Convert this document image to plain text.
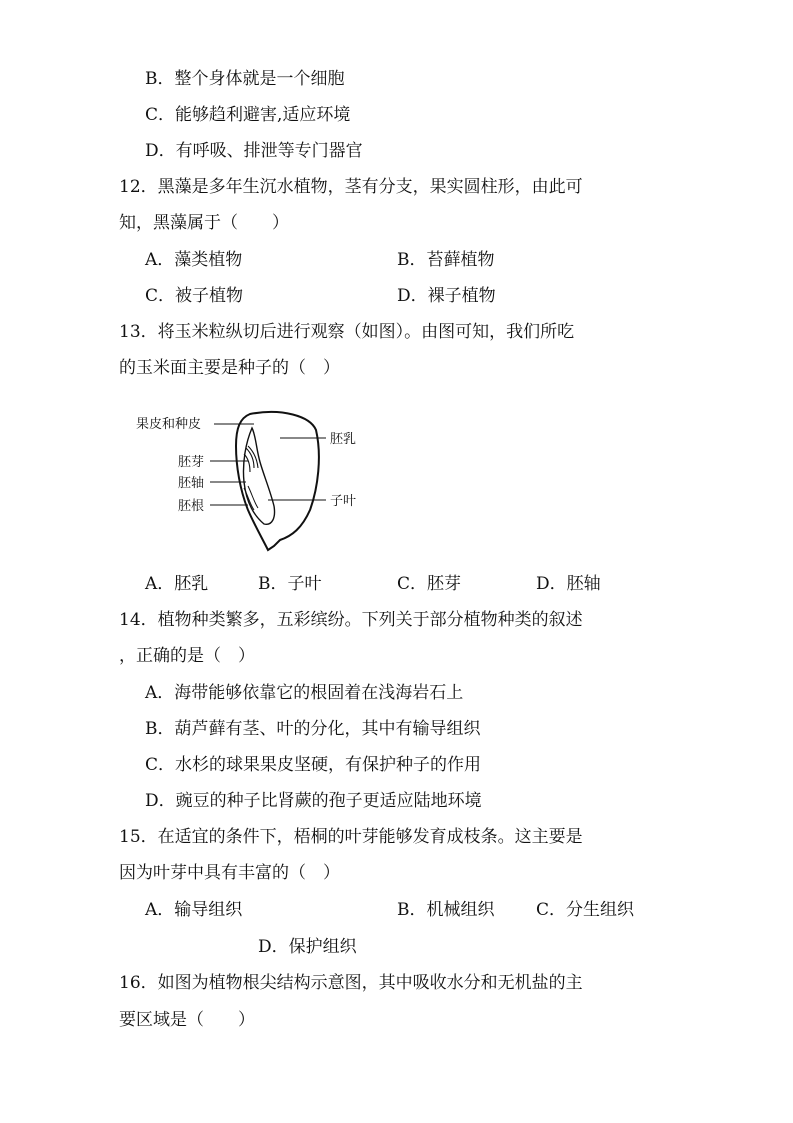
B．整个身体就是一个细胞
C．能够趋利避害,适应环境
D．有呼吸、排泄等专门器官
12．黑藻是多年生沉水植物，茎有分支，果实圆柱形，由此可
知，黑藻属于（　　）
A．藻类植物	B．苔藓植物
C．被子植物	D．裸子植物
13．将玉米粒纵切后进行观察（如图）。由图可知，我们所吃
的玉米面主要是种子的（　）
果皮和种皮
胚乳
胚芽
胚轴
胚根	子叶
A．胚乳	B．子叶	C．胚芽	D．胚轴
14．植物种类繁多，五彩缤纷。下列关于部分植物种类的叙述
，正确的是（　）
A．海带能够依靠它的根固着在浅海岩石上
B．葫芦藓有茎、叶的分化，其中有输导组织
C．水杉的球果果皮坚硬，有保护种子的作用
D．豌豆的种子比肾蕨的孢子更适应陆地环境
15．在适宜的条件下，梧桐的叶芽能够发育成枝条。这主要是
因为叶芽中具有丰富的（　）
A．输导组织	B．机械组织 C．分生组织
D．保护组织
16．如图为植物根尖结构示意图，其中吸收水分和无机盐的主
要区域是（　　）
